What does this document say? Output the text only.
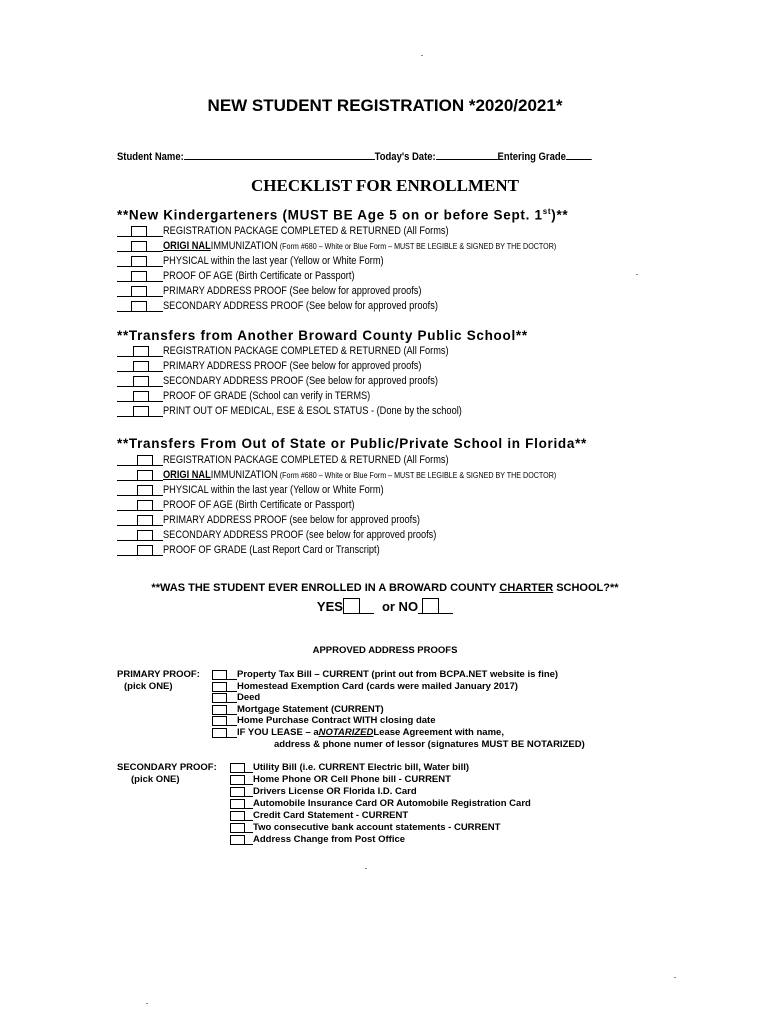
NEW STUDENT REGISTRATION *2020/2021*
Student Name:	Today's Date:	Entering Grade
CHECKLIST FOR ENROLLMENT
**New Kindergarteners (MUST BE Age 5 on or before Sept. 1st)**
REGISTRATION PACKAGE COMPLETED & RETURNED (All Forms)
ORIGI NALIMMUNIZATION (Form #680 – White or Blue Form – MUST BE LEGIBLE & SIGNED BY THE DOCTOR)
PHYSICAL within the last year (Yellow or White Form)
PROOF OF AGE (Birth Certificate or Passport)
PRIMARY ADDRESS PROOF (See below for approved proofs)
SECONDARY ADDRESS PROOF (See below for approved proofs)
**Transfers from Another Broward County Public School**
REGISTRATION PACKAGE COMPLETED & RETURNED (All Forms)
PRIMARY ADDRESS PROOF (See below for approved proofs)
SECONDARY ADDRESS PROOF (See below for approved proofs)
PROOF OF GRADE (School can verify in TERMS)
PRINT OUT OF MEDICAL, ESE & ESOL STATUS - (Done by the school)
**Transfers From Out of State or Public/Private School in Florida**
REGISTRATION PACKAGE COMPLETED & RETURNED (All Forms)
ORIGI NALIMMUNIZATION (Form #680 – White or Blue Form – MUST BE LEGIBLE & SIGNED BY THE DOCTOR)
PHYSICAL within the last year (Yellow or White Form)
PROOF OF AGE (Birth Certificate or Passport)
PRIMARY ADDRESS PROOF (see below for approved proofs)
SECONDARY ADDRESS PROOF (see below for approved proofs)
PROOF OF GRADE (Last Report Card or Transcript)
**WAS THE STUDENT EVER ENROLLED IN A BROWARD COUNTY CHARTER SCHOOL?**
YES	or NO
APPROVED ADDRESS PROOFS
PRIMARY PROOF:
(pick ONE)
Property Tax Bill – CURRENT (print out from BCPA.NET website is fine)
Homestead Exemption Card (cards were mailed January 2017)
Deed
Mortgage Statement (CURRENT)
Home Purchase Contract WITH closing date
IF YOU LEASE – a NOTARIZED Lease Agreement with name,
address & phone numer of lessor (signatures MUST BE NOTARIZED)
SECONDARY PROOF:
(pick ONE)
Utility Bill (i.e. CURRENT Electric bill, Water bill)
Home Phone OR Cell Phone bill - CURRENT
Drivers License OR Florida I.D. Card
Automobile Insurance Card OR Automobile Registration Card
Credit Card Statement - CURRENT
Two consecutive bank account statements - CURRENT
Address Change from Post Office
